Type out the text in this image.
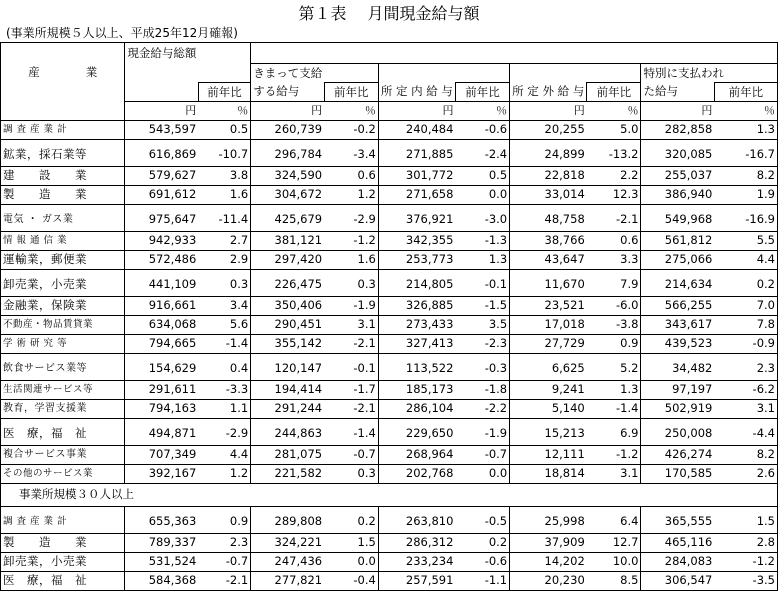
第１表　 月間現金給与額
(事業所規模５人以上、平成25年12月確報)
産　　　　業	現金給与総額									
			きまって支給						特別に支払われ	
		前年比	する給与	前年比	所 定 内 給 与	前年比	所 定 外 給 与	前年比	た給与	前年比
	円	％	円	％	円	％	円	％	円	％
調 査 産 業 計	543,597	0.5	260,739	-0.2	240,484	-0.6	20,255	5.0	282,858	1.3
鉱業，採石業等	616,869	-10.7	296,784	-3.4	271,885	-2.4	24,899	-13.2	320,085	-16.7
建　　設　　業	579,627	3.8	324,590	0.6	301,772	0.5	22,818	2.2	255,037	8.2
製　　造　　業	691,612	1.6	304,672	1.2	271,658	0.0	33,014	12.3	386,940	1.9
電気 ・ ガス業	975,647	-11.4	425,679	-2.9	376,921	-3.0	48,758	-2.1	549,968	-16.9
情 報 通 信 業	942,933	2.7	381,121	-1.2	342,355	-1.3	38,766	0.6	561,812	5.5
運輸業，郵便業	572,486	2.9	297,420	1.6	253,773	1.3	43,647	3.3	275,066	4.4
卸売業，小売業	441,109	0.3	226,475	0.3	214,805	-0.1	11,670	7.9	214,634	0.2
金融業，保険業	916,661	3.4	350,406	-1.9	326,885	-1.5	23,521	-6.0	566,255	7.0
不動産・物品賃貸業	634,068	5.6	290,451	3.1	273,433	3.5	17,018	-3.8	343,617	7.8
学 術 研 究 等	794,665	-1.4	355,142	-2.1	327,413	-2.3	27,729	0.9	439,523	-0.9
飲食サービス業等	154,629	0.4	120,147	-0.1	113,522	-0.3	6,625	5.2	34,482	2.3
生活関連サービス等	291,611	-3.3	194,414	-1.7	185,173	-1.8	9,241	1.3	97,197	-6.2
教育，学習支援業	794,163	1.1	291,244	-2.1	286,104	-2.2	5,140	-1.4	502,919	3.1
医　療，福　祉	494,871	-2.9	244,863	-1.4	229,650	-1.9	15,213	6.9	250,008	-4.4
複合サービス事業	707,349	4.4	281,075	-0.7	268,964	-0.7	12,111	-1.2	426,274	8.2
その他のサービス業	392,167	1.2	221,582	0.3	202,768	0.0	18,814	3.1	170,585	2.6
事業所規模３０人以上										
調 査 産 業 計	655,363	0.9	289,808	0.2	263,810	-0.5	25,998	6.4	365,555	1.5
製　　造　　業	789,337	2.3	324,221	1.5	286,312	0.2	37,909	12.7	465,116	2.8
卸売業，小売業	531,524	-0.7	247,436	0.0	233,234	-0.6	14,202	10.0	284,083	-1.2
医　療，福　祉	584,368	-2.1	277,821	-0.4	257,591	-1.1	20,230	8.5	306,547	-3.5
